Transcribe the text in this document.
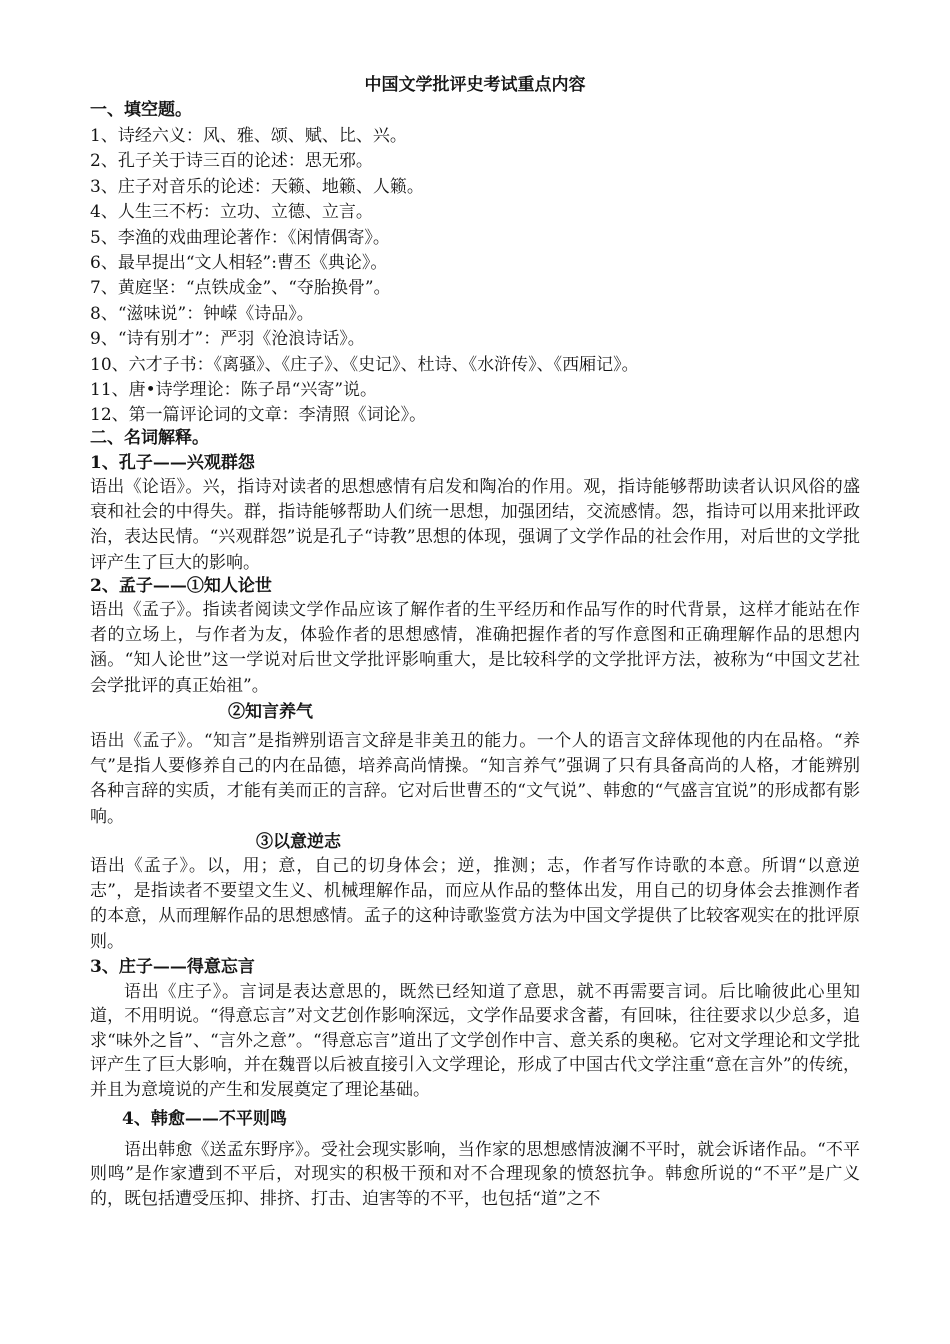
中国文学批评史考试重点内容
一、填空题。
1、诗经六义：风、雅、颂、赋、比、兴。
2、孔子关于诗三百的论述：思无邪。
3、庄子对音乐的论述：天籁、地籁、人籁。
4、人生三不朽：立功、立德、立言。
5、李渔的戏曲理论著作：《闲情偶寄》。
6、最早提出“文人相轻”:曹丕《典论》。
7、黄庭坚：“点铁成金”、“夺胎换骨”。
8、“滋味说”：钟嵘《诗品》。
9、“诗有别才”：严羽《沧浪诗话》。
10、六才子书：《离骚》、《庄子》、《史记》、杜诗、《水浒传》、《西厢记》。
11、唐•诗学理论：陈子昂“兴寄”说。
12、第一篇评论词的文章：李清照《词论》。
二、名词解释。
1、孔子——兴观群怨
语出《论语》。兴，指诗对读者的思想感情有启发和陶冶的作用。观，指诗能够帮助读者认识风俗的盛衰和社会的中得失。群，指诗能够帮助人们统一思想，加强团结，交流感情。怨，指诗可以用来批评政治，表达民情。“兴观群怨”说是孔子“诗教”思想的体现，强调了文学作品的社会作用，对后世的文学批评产生了巨大的影响。
2、孟子——①知人论世
语出《孟子》。指读者阅读文学作品应该了解作者的生平经历和作品写作的时代背景，这样才能站在作者的立场上，与作者为友，体验作者的思想感情，准确把握作者的写作意图和正确理解作品的思想内涵。“知人论世”这一学说对后世文学批评影响重大，是比较科学的文学批评方法，被称为“中国文艺社会学批评的真正始祖”。
②知言养气
语出《孟子》。“知言”是指辨别语言文辞是非美丑的能力。一个人的语言文辞体现他的内在品格。“养气”是指人要修养自己的内在品德，培养高尚情操。“知言养气”强调了只有具备高尚的人格，才能辨别各种言辞的实质，才能有美而正的言辞。它对后世曹丕的“文气说”、韩愈的“气盛言宜说”的形成都有影响。
③以意逆志
语出《孟子》。以，用；意，自己的切身体会；逆，推测；志，作者写作诗歌的本意。所谓“以意逆志”，是指读者不要望文生义、机械理解作品，而应从作品的整体出发，用自己的切身体会去推测作者的本意，从而理解作品的思想感情。孟子的这种诗歌鉴赏方法为中国文学提供了比较客观实在的批评原则。
3、庄子——得意忘言
语出《庄子》。言词是表达意思的，既然已经知道了意思，就不再需要言词。后比喻彼此心里知道，不用明说。“得意忘言”对文艺创作影响深远，文学作品要求含蓄，有回味，往往要求以少总多，追求“味外之旨”、“言外之意”。“得意忘言”道出了文学创作中言、意关系的奥秘。它对文学理论和文学批评产生了巨大影响，并在魏晋以后被直接引入文学理论，形成了中国古代文学注重“意在言外”的传统，并且为意境说的产生和发展奠定了理论基础。
4、韩愈——不平则鸣
语出韩愈《送孟东野序》。受社会现实影响，当作家的思想感情波澜不平时，就会诉诸作品。“不平则鸣”是作家遭到不平后，对现实的积极干预和对不合理现象的愤怒抗争。韩愈所说的“不平”是广义的，既包括遭受压抑、排挤、打击、迫害等的不平，也包括“道”之不
